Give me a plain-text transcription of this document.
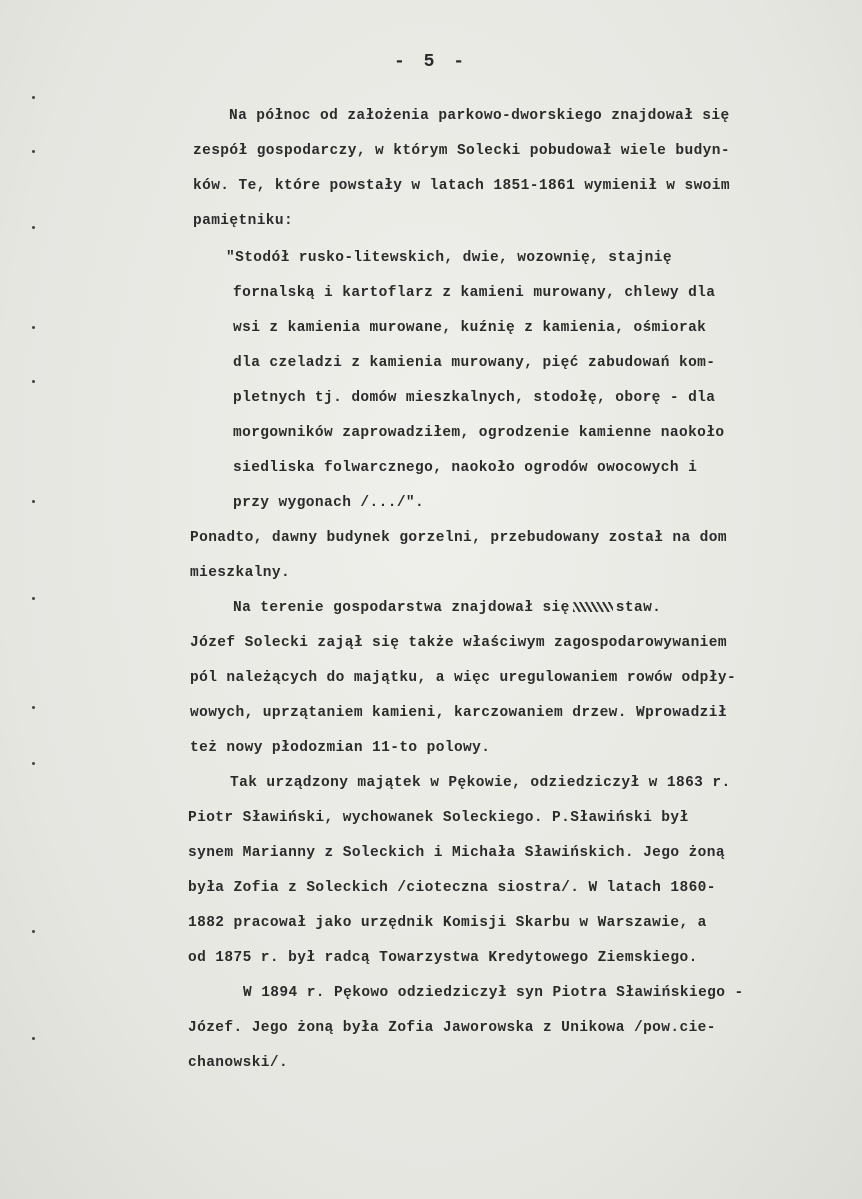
- 5 -
Na północ od założenia parkowo-dworskiego znajdował się
zespół gospodarczy, w którym Solecki pobudował wiele budyn-
ków. Te, które powstały w latach 1851-1861 wymienił w swoim
pamiętniku:
"Stodół rusko-litewskich, dwie, wozownię, stajnię
fornalską i kartoflarz z kamieni murowany, chlewy dla
wsi z kamienia murowane, kuźnię z kamienia, ośmiorak
dla czeladzi z kamienia murowany, pięć zabudowań kom-
pletnych tj. domów mieszkalnych, stodołę, oborę - dla
morgowników zaprowadziłem, ogrodzenie kamienne naokoło
siedliska folwarcznego, naokoło ogrodów owocowych i
przy wygonach /.../".
Ponadto, dawny budynek gorzelni, przebudowany został na dom
mieszkalny.
Na terenie gospodarstwa znajdował się	staw.
Józef Solecki zajął się także właściwym zagospodarowywaniem
pól należących do majątku, a więc uregulowaniem rowów odpły-
wowych, uprzątaniem kamieni, karczowaniem drzew. Wprowadził
też nowy płodozmian 11-to polowy.
Tak urządzony majątek w Pękowie, odziedziczył w 1863 r.
Piotr Sławiński, wychowanek Soleckiego. P.Sławiński był
synem Marianny z Soleckich i Michała Sławińskich. Jego żoną
była Zofia z Soleckich /cioteczna siostra/. W latach 1860-
1882 pracował jako urzędnik Komisji Skarbu w Warszawie, a
od 1875 r. był radcą Towarzystwa Kredytowego Ziemskiego.
W 1894 r. Pękowo odziedziczył syn Piotra Sławińskiego -
Józef. Jego żoną była Zofia Jaworowska z Unikowa /pow.cie-
chanowski/.
